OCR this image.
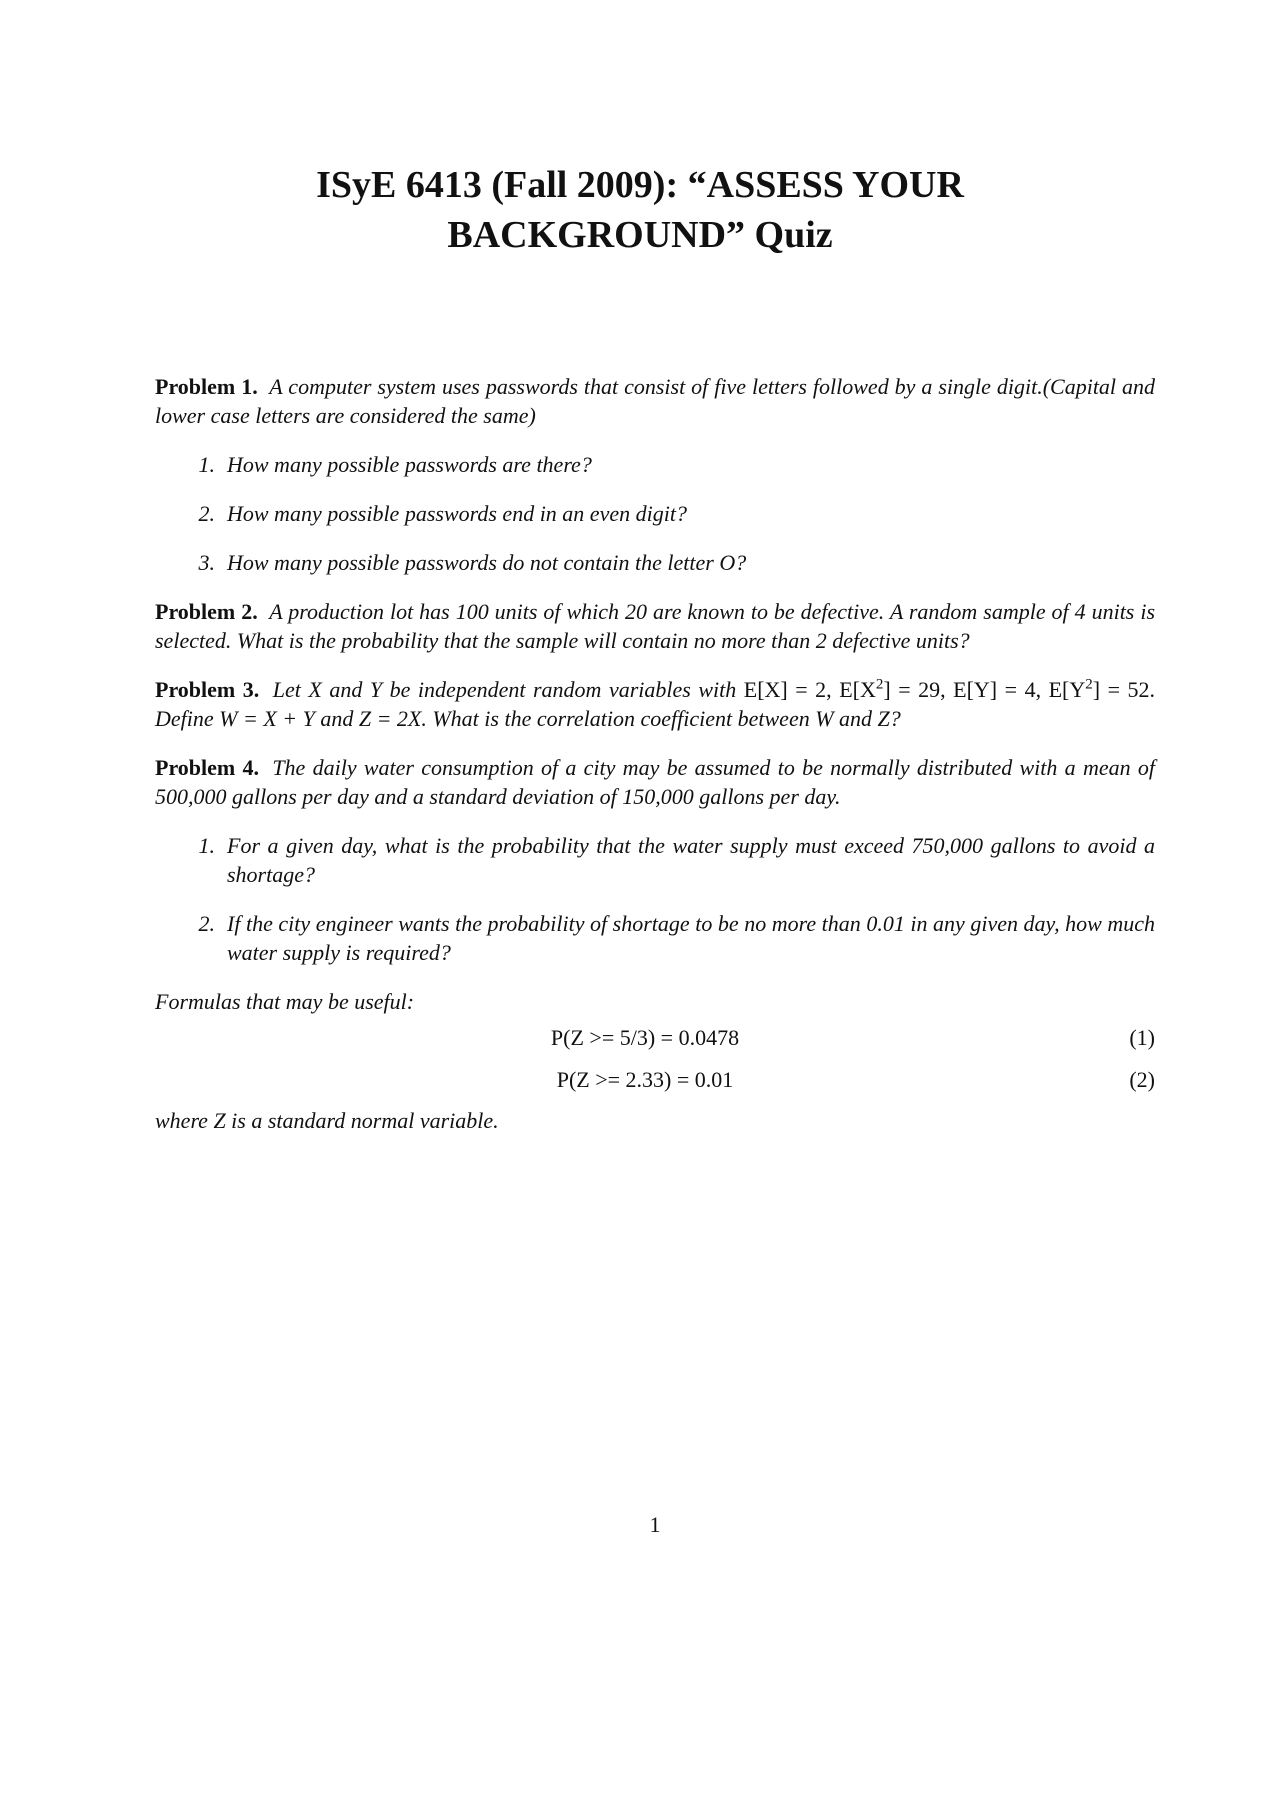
ISyE 6413 (Fall 2009): “ASSESS YOUR BACKGROUND” Quiz

Problem 1. A computer system uses passwords that consist of five letters followed by a single digit.(Capital and lower case letters are considered the same)

1. How many possible passwords are there?
2. How many possible passwords end in an even digit?
3. How many possible passwords do not contain the letter O?

Problem 2. A production lot has 100 units of which 20 are known to be defective. A random sample of 4 units is selected. What is the probability that the sample will contain no more than 2 defective units?

Problem 3. Let X and Y be independent random variables with E[X] = 2, $E[X^2] = 29$, E[Y] = 4, $E[Y^2] = 52$. Define W = X + Y and Z = 2X. What is the correlation coefficient between W and Z?

Problem 4. The daily water consumption of a city may be assumed to be normally distributed with a mean of 500,000 gallons per day and a standard deviation of 150,000 gallons per day.

1. For a given day, what is the probability that the water supply must exceed 750,000 gallons to avoid a shortage?
2. If the city engineer wants the probability of shortage to be no more than 0.01 in any given day, how much water supply is required?

Formulas that may be useful:

P(Z >= 5/3) = 0.0478	(1)
P(Z >= 2.33) = 0.01	(2)

where Z is a standard normal variable.

1
